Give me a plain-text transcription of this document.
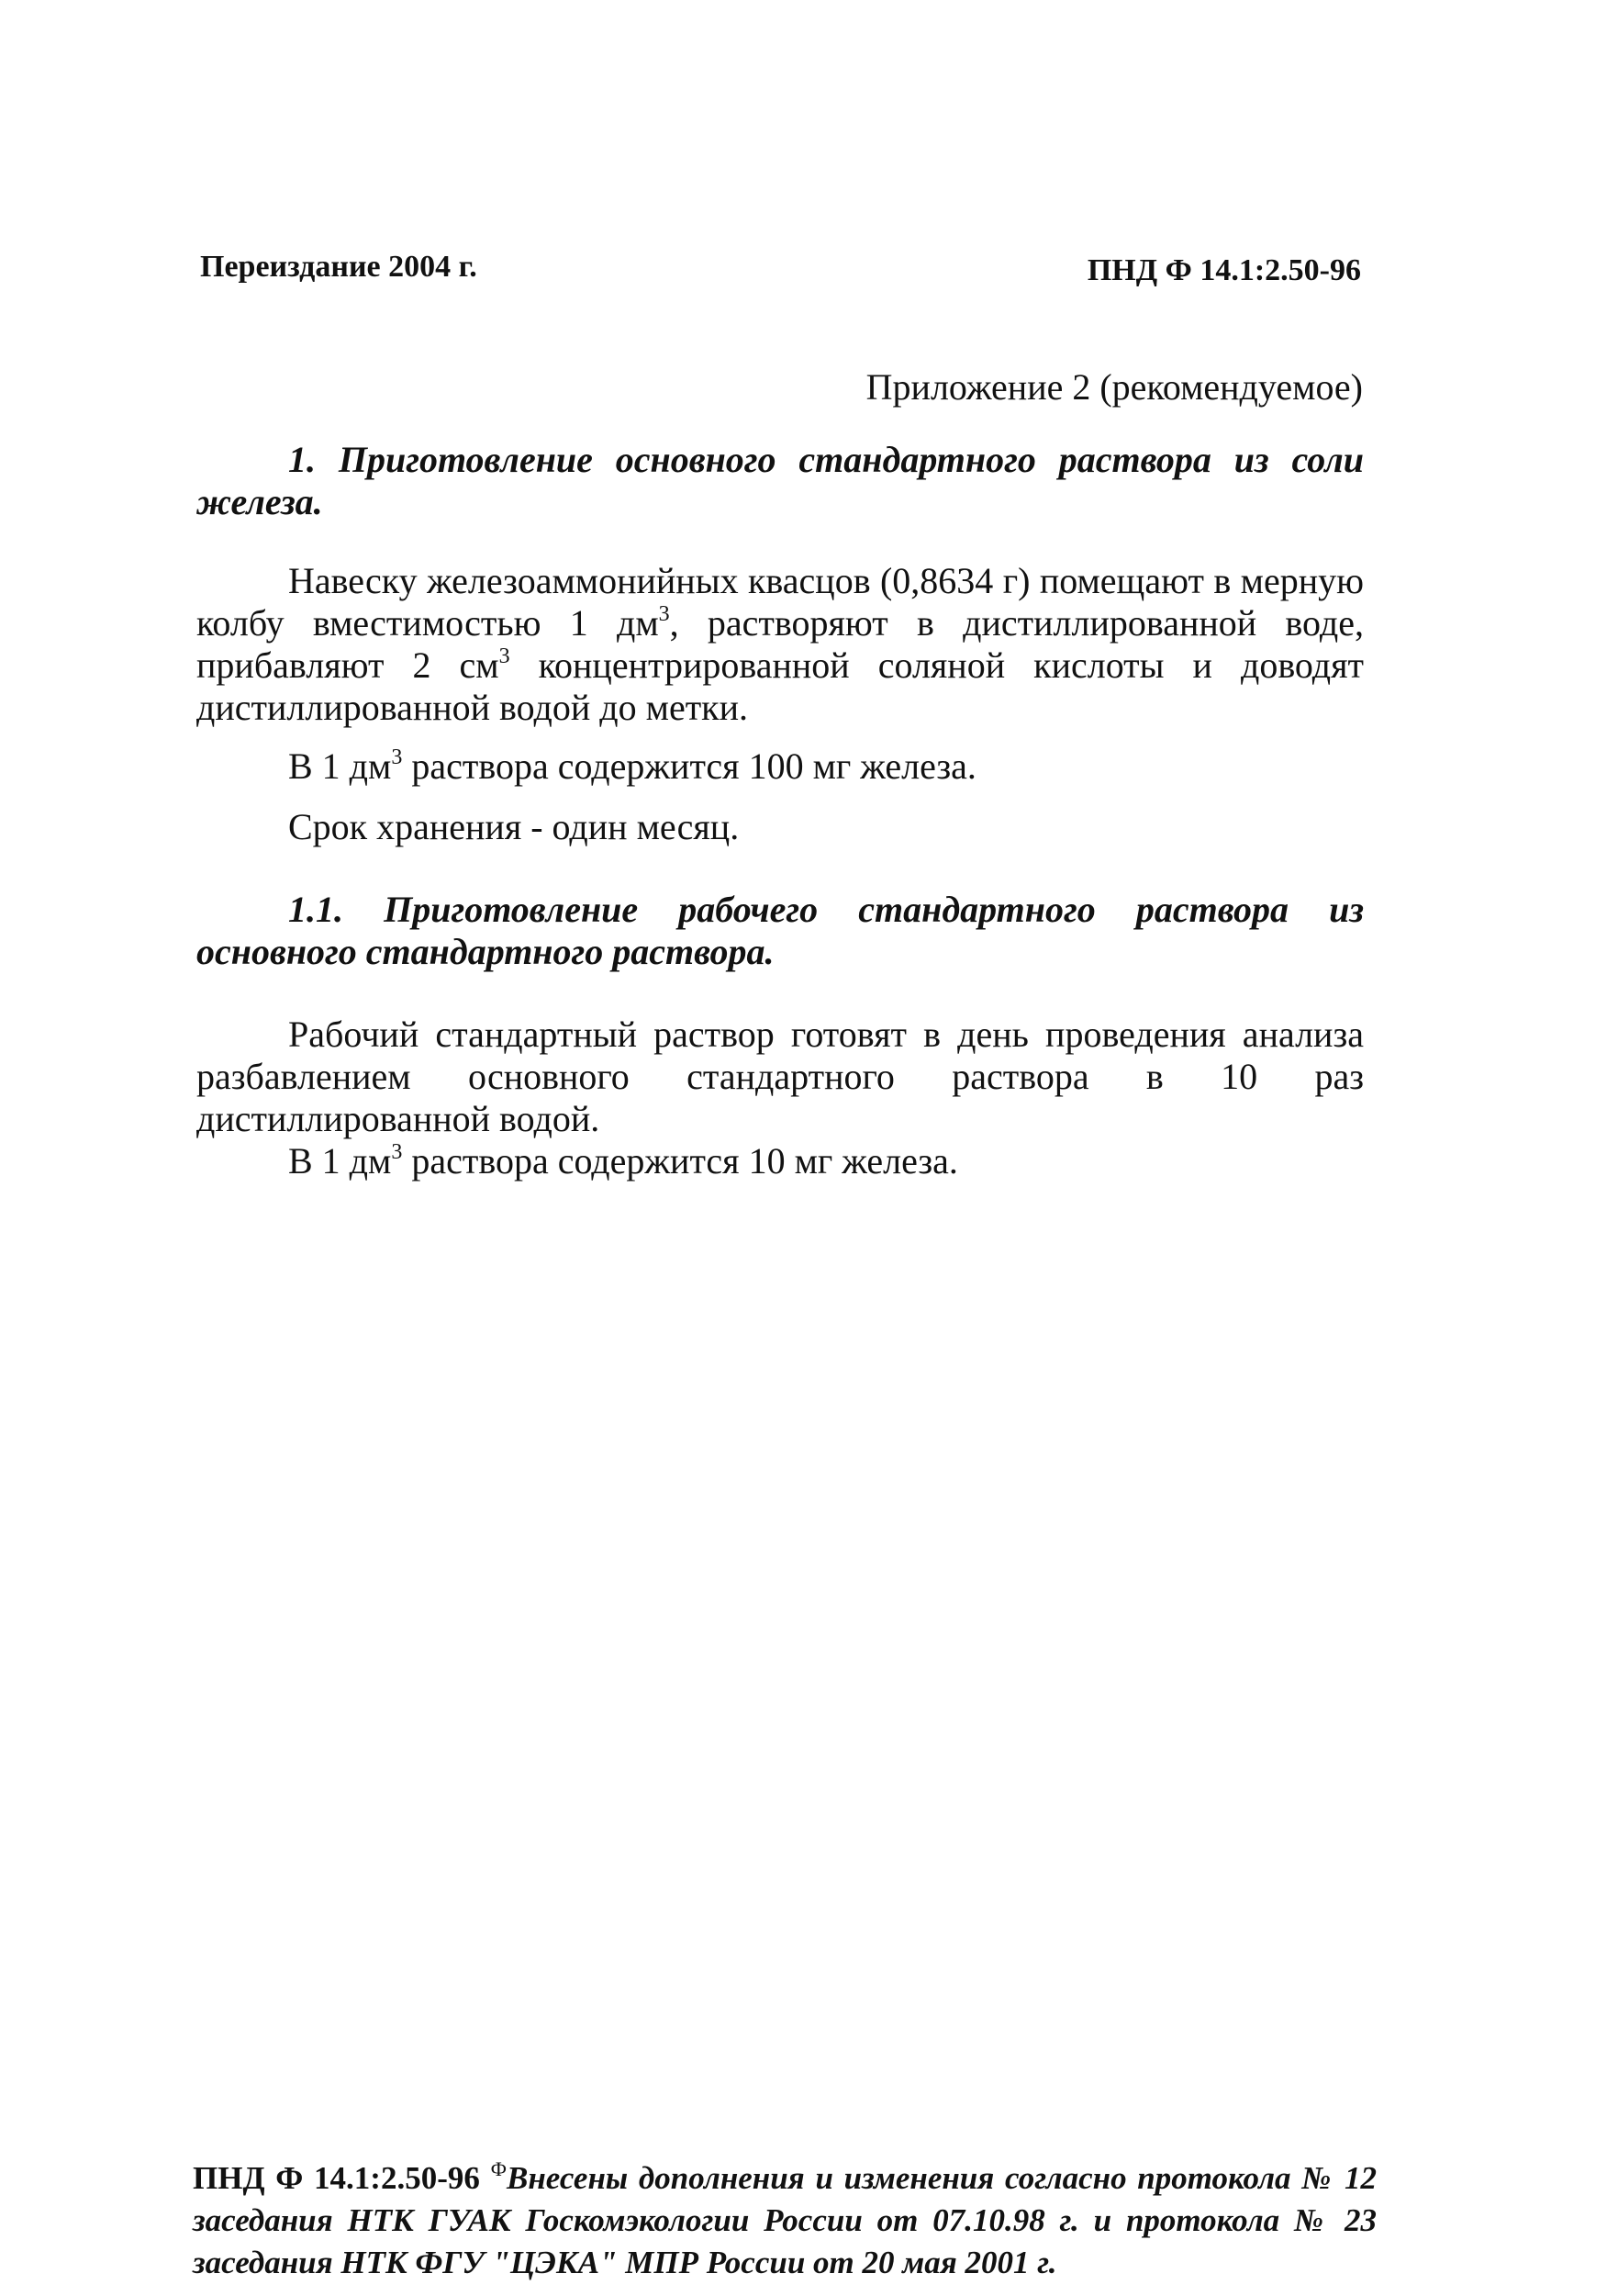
Переиздание 2004 г.	ПНД Ф 14.1:2.50-96
Приложение 2 (рекомендуемое)

1. Приготовление основного стандартного раствора из соли железа.

Навеску железоаммонийных квасцов (0,8634 г) помещают в мерную колбу вместимостью 1 $дм^3$, растворяют в дистиллированной воде, прибавляют 2 $см^3$ концентрированной соляной кислоты и доводят дистиллированной водой до метки.

В 1 $дм^3$ раствора содержится 100 мг железа.

Срок хранения - один месяц.

1.1. Приготовление рабочего стандартного раствора из основного стандартного раствора.

Рабочий стандартный раствор готовят в день проведения анализа разбавлением основного стандартного раствора в 10 раз дистиллированной водой.

В 1 $дм^3$ раствора содержится 10 мг железа.

ПНД Ф 14.1:2.50-96 $^Ф$Внесены дополнения и изменения согласно протокола № 12 заседания НТК ГУАК Госкомэкологии России от 07.10.98 г. и протокола № 23 заседания НТК ФГУ "ЦЭКА" МПР России от 20 мая 2001 г.
